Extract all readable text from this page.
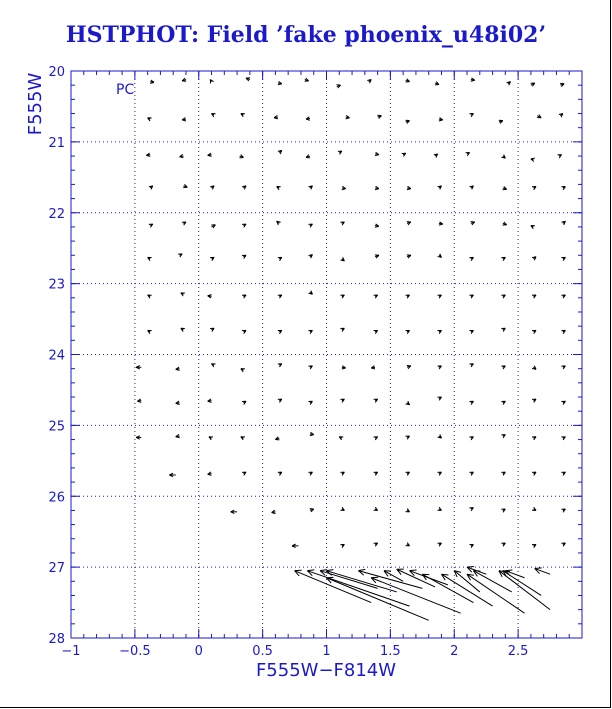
HSTPHOT: Field ’fake phoenix_u48i02’
−1	−0.5	0	0.5	1	1.5	2	2.5
20
21
22
23
24
25
26
27
28
PC
F555W−F814W
F555W
